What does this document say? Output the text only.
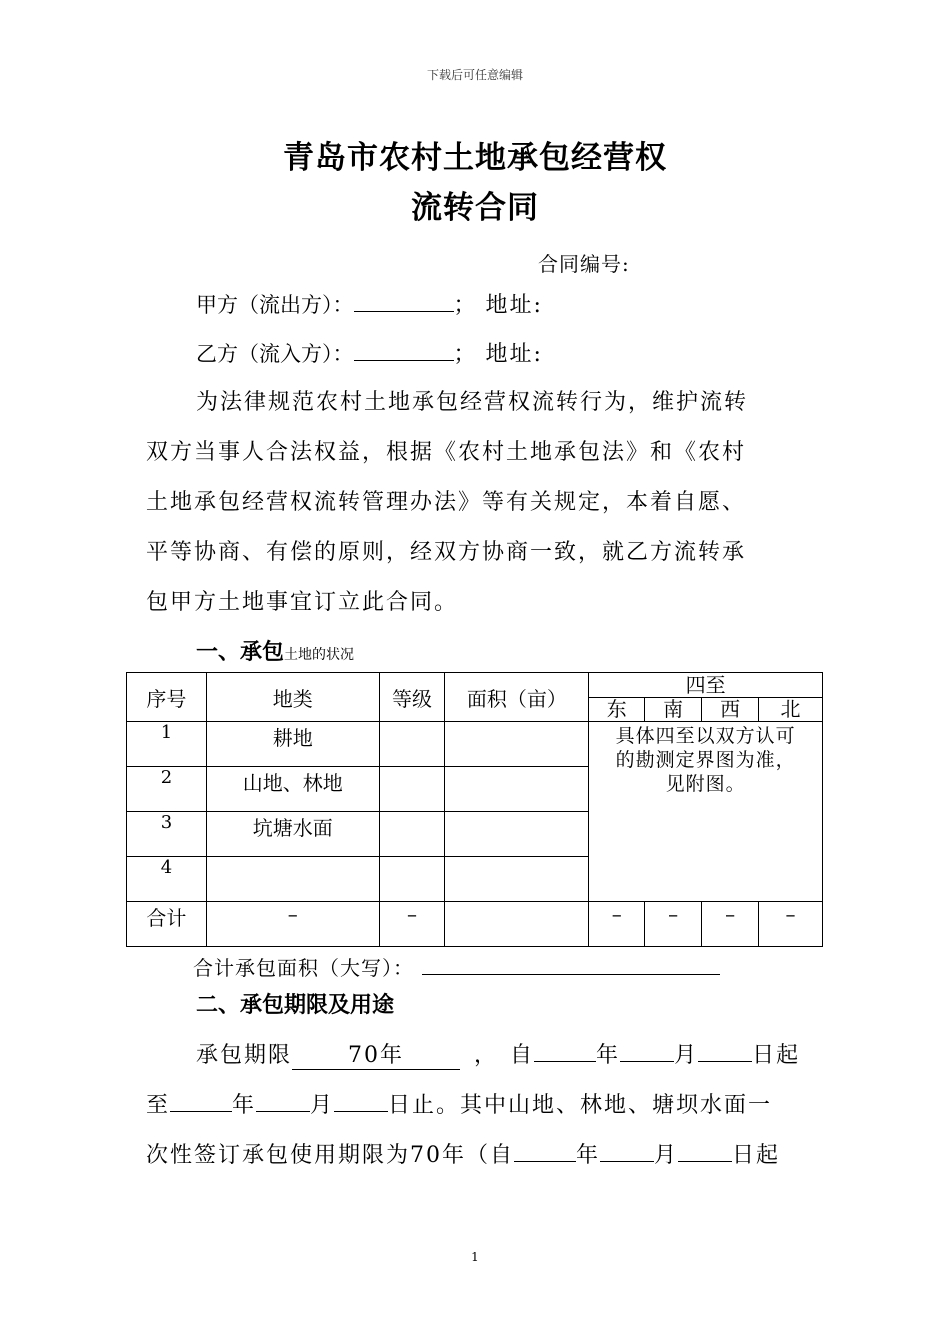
下载后可任意编辑
青岛市农村土地承包经营权
流转合同
合同编号:
甲方（流出方）：	； 地址:
乙方（流入方）：	； 地址:
为法律规范农村土地承包经营权流转行为，维护流转
双方当事人合法权益，根据《农村土地承包法》和《农村
土地承包经营权流转管理办法》等有关规定，本着自愿、
平等协商、有偿的原则，经双方协商一致，就乙方流转承
包甲方土地事宜订立此合同。
一、承包土地的状况
序号	地类	等级	面积（亩）	四至			
				东	南	西	北
1	耕地			具体四至以双方认可
的勘测定界图为准，
见附图。			

2	山地、林地						
3	坑塘水面						
4							
合计	–	–		–	–	–	–
合计承包面积（大写）：
二、承包期限及用途
承包期限	70年	， 自	年 月 日起
至	年 月 日止。其中山地、林地、塘坝水面一
次性签订承包使用期限为70年（自	年 月 日起
1
